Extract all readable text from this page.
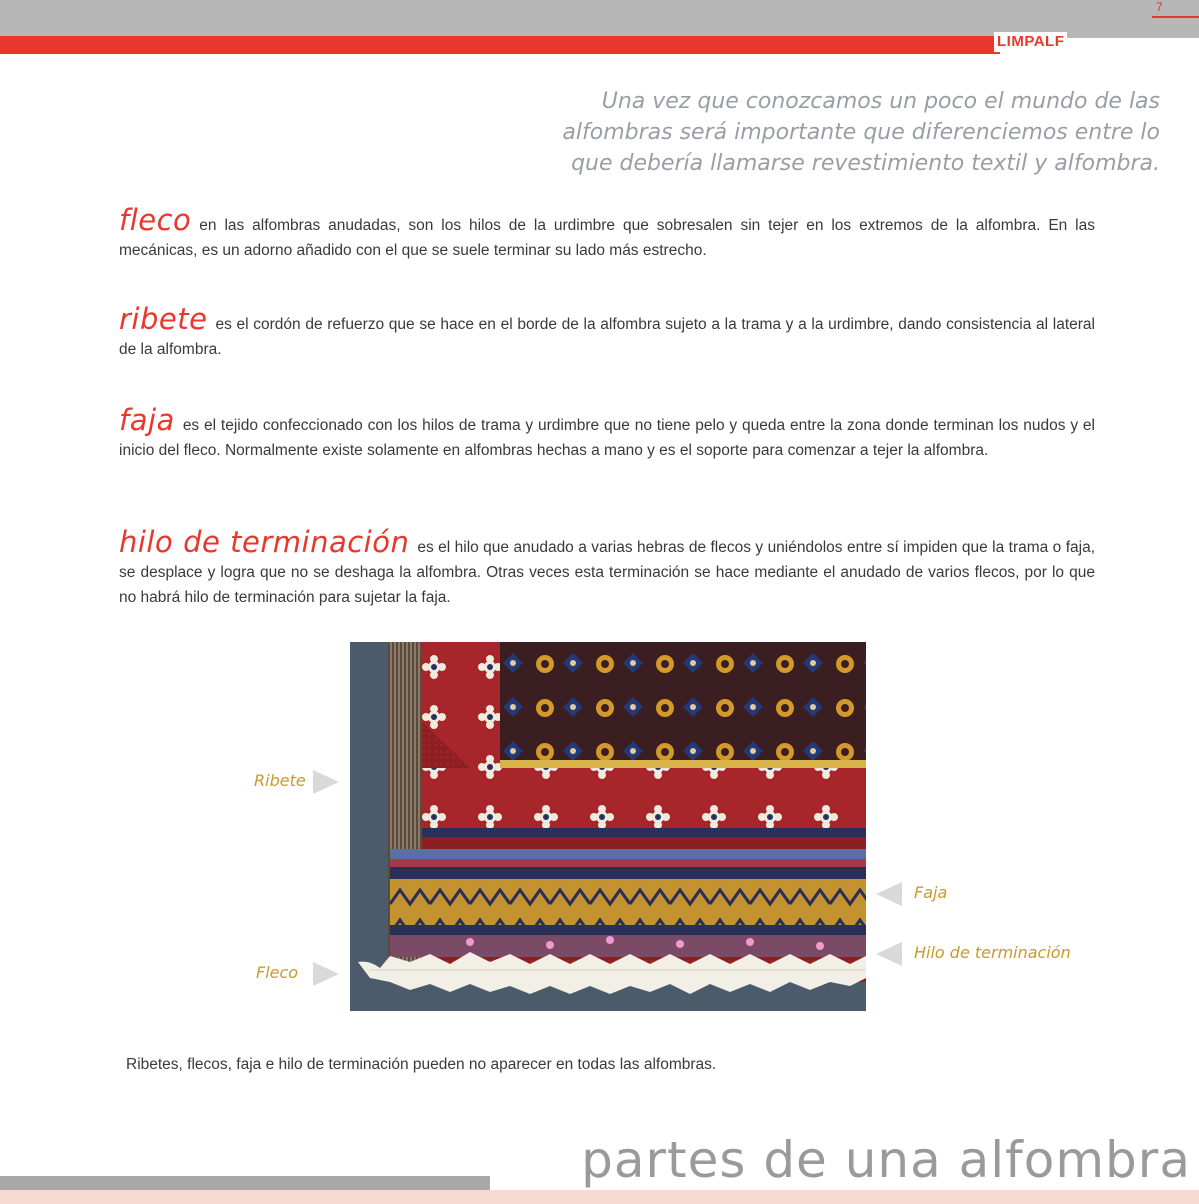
LIMPALF
7
Una vez que conozcamos un poco el mundo de las alfombras será importante que diferenciemos entre lo que debería llamarse revestimiento textil y alfombra.
fleco en las alfombras anudadas, son los hilos de la urdimbre que sobresalen sin tejer en los extremos de la alfombra. En las mecánicas, es un adorno añadido con el que se suele terminar su lado más estrecho.
ribete es el cordón de refuerzo que se hace en el borde de la alfombra sujeto a la trama y a la urdimbre, dando consistencia al lateral de la alfombra.
faja es el tejido confeccionado con los hilos de trama y urdimbre que no tiene pelo y queda entre la zona donde terminan los nudos y el inicio del fleco. Normalmente existe solamente en alfombras hechas a mano y es el soporte para comenzar a tejer la alfombra.
hilo de terminación es el hilo que anudado a varias hebras de flecos y uniéndolos entre sí impiden que la trama o faja, se desplace y logra que no se deshaga la alfombra. Otras veces esta terminación se hace mediante el anudado de varios flecos, por lo que no habrá hilo de terminación para sujetar la faja.
Ribete
Fleco
Faja
Hilo de terminación
Ribetes, flecos, faja e hilo de terminación pueden no aparecer en todas las alfombras.
partes de una alfombra
